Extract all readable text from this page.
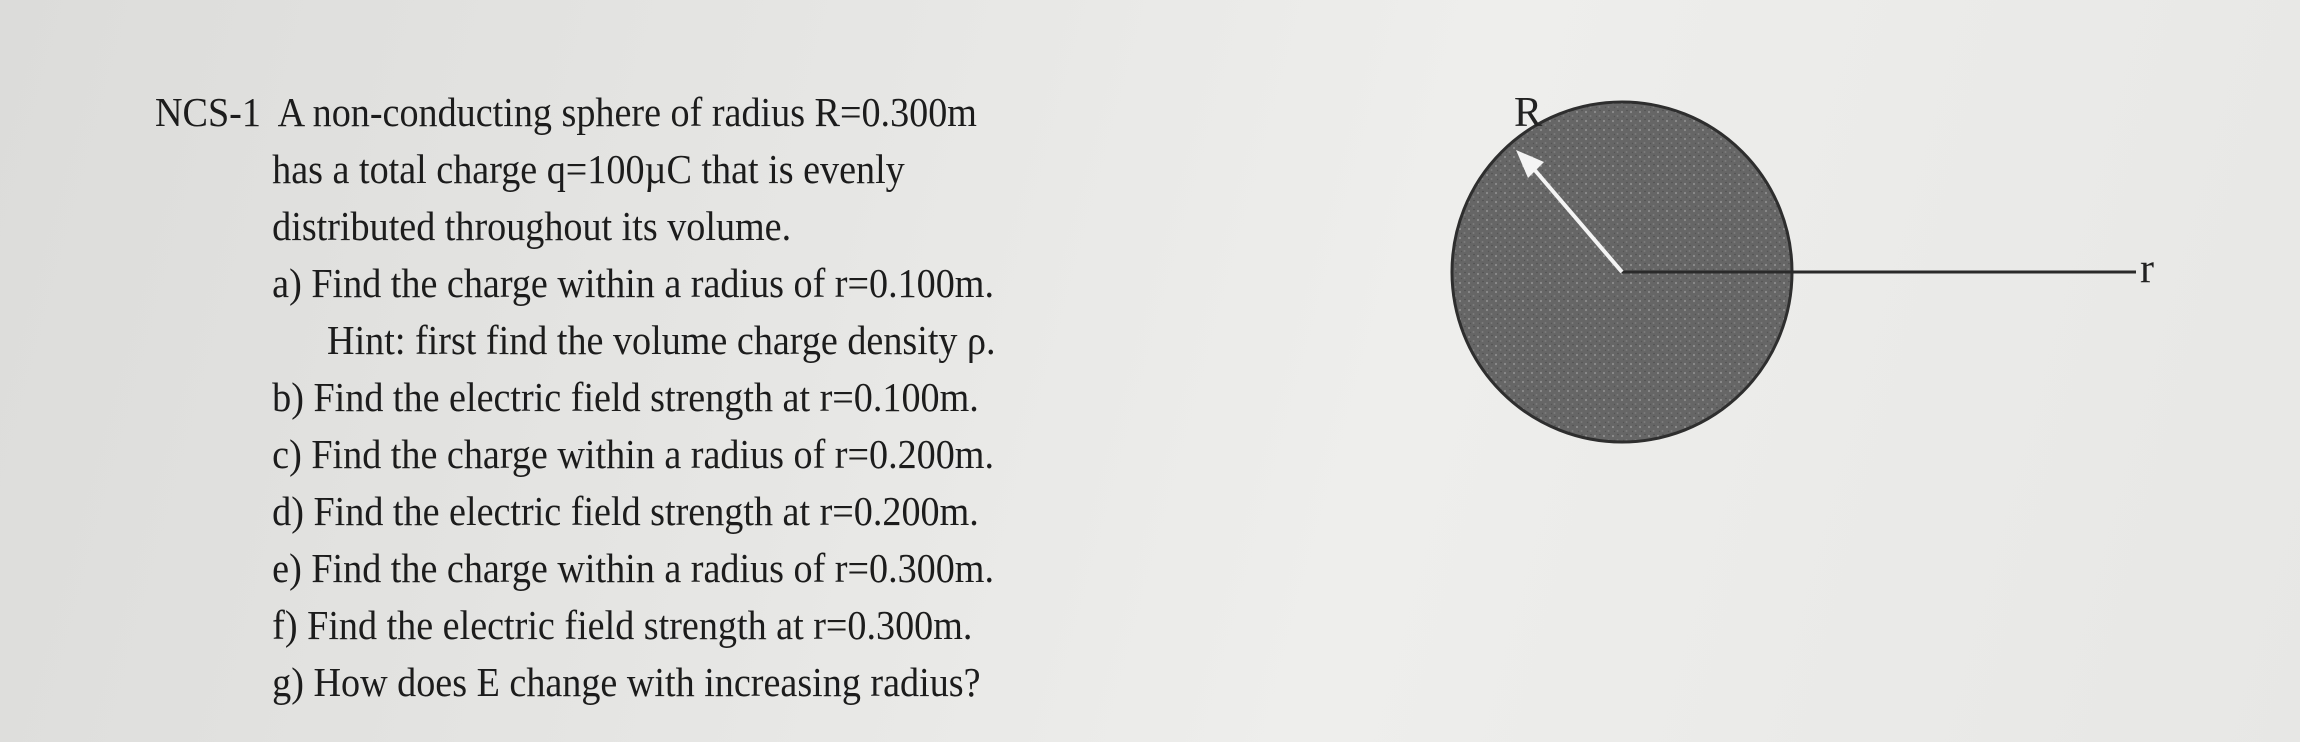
NCS-1 A non-conducting sphere of radius R=0.300m
has a total charge q=100µC that is evenly
distributed throughout its volume.
a) Find the charge within a radius of r=0.100m.
Hint: first find the volume charge density ρ.
b) Find the electric field strength at r=0.100m.
c) Find the charge within a radius of r=0.200m.
d) Find the electric field strength at r=0.200m.
e) Find the charge within a radius of r=0.300m.
f) Find the electric field strength at r=0.300m.
g) How does E change with increasing radius?
R
r
